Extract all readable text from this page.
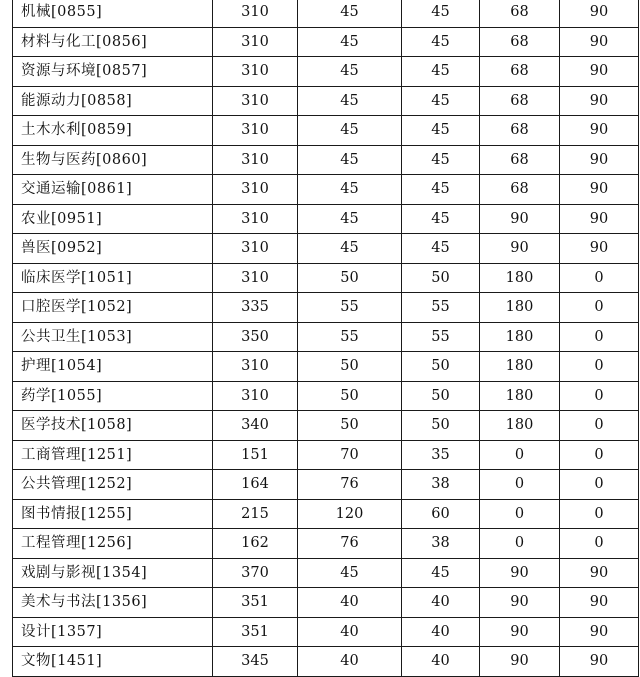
机械[0855]	310	45	45	68	90
材料与化工[0856]	310	45	45	68	90
资源与环境[0857]	310	45	45	68	90
能源动力[0858]	310	45	45	68	90
土木水利[0859]	310	45	45	68	90
生物与医药[0860]	310	45	45	68	90
交通运输[0861]	310	45	45	68	90
农业[0951]	310	45	45	90	90
兽医[0952]	310	45	45	90	90
临床医学[1051]	310	50	50	180	0
口腔医学[1052]	335	55	55	180	0
公共卫生[1053]	350	55	55	180	0
护理[1054]	310	50	50	180	0
药学[1055]	310	50	50	180	0
医学技术[1058]	340	50	50	180	0
工商管理[1251]	151	70	35	0	0
公共管理[1252]	164	76	38	0	0
图书情报[1255]	215	120	60	0	0
工程管理[1256]	162	76	38	0	0
戏剧与影视[1354]	370	45	45	90	90
美术与书法[1356]	351	40	40	90	90
设计[1357]	351	40	40	90	90
文物[1451]	345	40	40	90	90
